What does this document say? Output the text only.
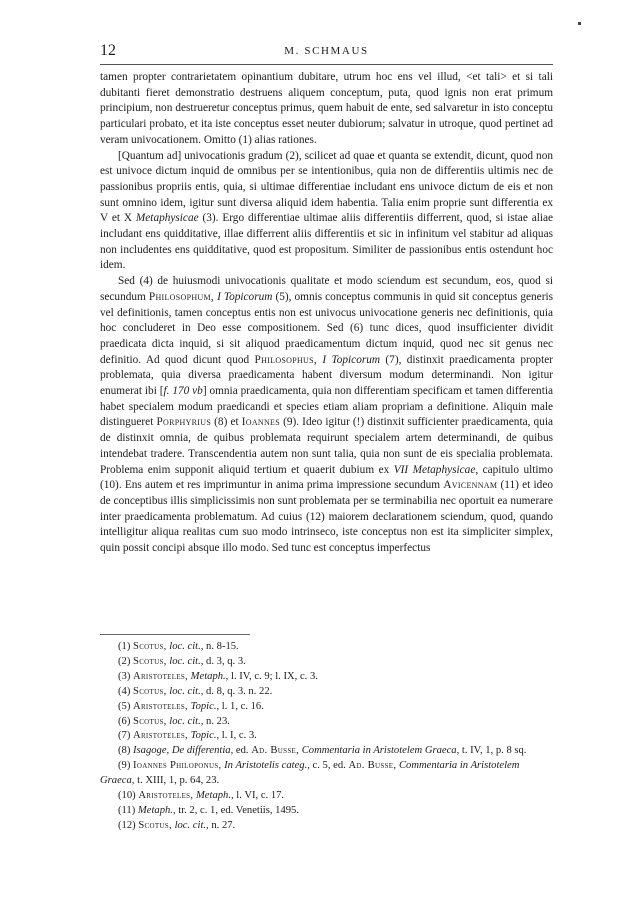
12	M. SCHMAUS

tamen propter contrarietatem opinantium dubitare, utrum hoc ens vel illud, <et tali> et si tali dubitanti fieret demonstratio destruens aliquem conceptum, puta, quod ignis non erat primum principium, non destrueretur conceptus primus, quem habuit de ente, sed salvaretur in isto conceptu particulari probato, et ita iste conceptus esset neuter dubiorum; salvatur in utroque, quod pertinet ad veram univocationem. Omitto (1) alias rationes.

[Quantum ad] univocationis gradum (2), scilicet ad quae et quanta se extendit, dicunt, quod non est univoce dictum inquid de omnibus per se intentionibus, quia non de differentiis ultimis nec de passionibus propriis entis, quia, si ultimae differentiae includant ens univoce dictum de eis et non sunt omnino idem, igitur sunt diversa aliquid idem habentia. Talia enim proprie sunt differentia ex V et X Metaphysicae (3). Ergo differentiae ultimae aliis differentiis differrent, quod, si istae aliae includant ens quidditative, illae differrent aliis differentiis et sic in infinitum vel stabitur ad aliquas non includentes ens quidditative, quod est propositum. Similiter de passionibus entis ostendunt hoc idem.

Sed (4) de huiusmodi univocationis qualitate et modo sciendum est secundum, eos, quod si secundum Philosophum, I Topicorum (5), omnis conceptus communis in quid sit conceptus generis vel definitionis, tamen conceptus entis non est univocus univocatione generis nec definitionis, quia hoc concluderet in Deo esse compositionem. Sed (6) tunc dices, quod insufficienter dividit praedicata dicta inquid, si sit aliquod praedicamentum dictum inquid, quod nec sit genus nec definitio. Ad quod dicunt quod Philosophus, I Topicorum (7), distinxit praedicamenta propter problemata, quia diversa praedicamenta habent diversum modum determinandi. Non igitur enumerat ibi [f. 170 vb] omnia praedicamenta, quia non differentiam specificam et tamen differentia habet specialem modum praedicandi et species etiam aliam propriam a definitione. Aliquin male distingueret Porphyrius (8) et Ioannes (9). Ideo igitur (!) distinxit sufficienter praedicamenta, quia de distinxit omnia, de quibus problemata requirunt specialem artem determinandi, de quibus intendebat tradere. Transcendentia autem non sunt talia, quia non sunt de eis specialia problemata. Problema enim supponit aliquid tertium et quaerit dubium ex VII Metaphysicae, capitulo ultimo (10). Ens autem et res imprimuntur in anima prima impressione secundum Avicennam (11) et ideo de conceptibus illis simplicissimis non sunt problemata per se terminabilia nec oportuit ea numerare inter praedicamenta problematum. Ad cuius (12) maiorem declarationem sciendum, quod, quando intelligitur aliqua realitas cum suo modo intrinseco, iste conceptus non est ita simpliciter simplex, quin possit concipi absque illo modo. Sed tunc est conceptus imperfectus

(1) Scotus, loc. cit., n. 8-15.
(2) Scotus, loc. cit., d. 3, q. 3.
(3) Aristoteles, Metaph., l. IV, c. 9; l. IX, c. 3.
(4) Scotus, loc. cit., d. 8, q. 3. n. 22.
(5) Aristoteles, Topic., l. 1, c. 16.
(6) Scotus, loc. cit., n. 23.
(7) Aristoteles, Topic., l. I, c. 3.
(8) Isagoge, De differentia, ed. Ad. Busse, Commentaria in Aristotelem Graeca, t. IV, 1, p. 8 sq.
(9) Ioannes Philoponus, In Aristotelis categ., c. 5, ed. Ad. Busse, Commentaria in Aristotelem Graeca, t. XIII, 1, p. 64, 23.
(10) Aristoteles, Metaph., l. VI, c. 17.
(11) Metaph., tr. 2, c. 1, ed. Venetiis, 1495.
(12) Scotus, loc. cit., n. 27.
